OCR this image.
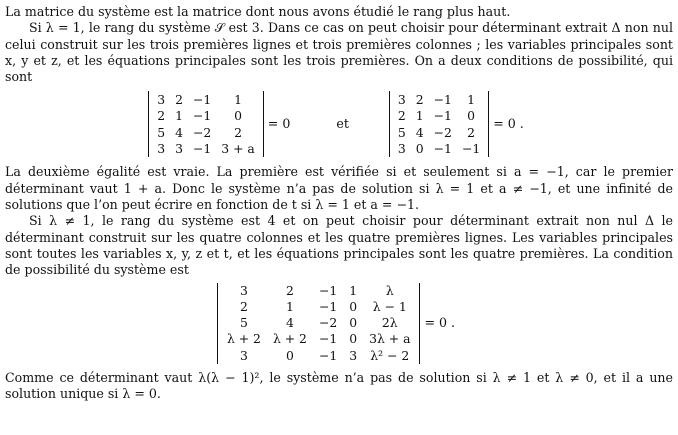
La matrice du système est la matrice dont nous avons étudié le rang plus haut.

Si λ = 1, le rang du système 𝒮 est 3. Dans ce cas on peut choisir pour déterminant extrait Δ non nul celui construit sur les trois premières lignes et trois premières colonnes ; les variables principales sont x, y et z, et les équations principales sont les trois premières. On a deux conditions de possibilité, qui sont

3	2	−1	1
2	1	−1	0
5	4	−2	2
3	3	−1	3 + a
= 0	et
3	2	−1	1
2	1	−1	0
5	4	−2	2
3	0	−1	−1
= 0 .

La deuxième égalité est vraie. La première est vérifiée si et seulement si a = −1, car le premier déterminant vaut 1 + a. Donc le système n’a pas de solution si λ = 1 et a ≠ −1, et une infinité de solutions que l’on peut écrire en fonction de t si λ = 1 et a = −1.

Si λ ≠ 1, le rang du système est 4 et on peut choisir pour déterminant extrait non nul Δ le déterminant construit sur les quatre colonnes et les quatre premières lignes. Les variables principales sont toutes les variables x, y, z et t, et les équations principales sont les quatre premières. La condition de possibilité du système est

3	2	−1	1	λ
2	1	−1	0	λ − 1
5	4	−2	0	2λ
λ + 2	λ + 2	−1	0	3λ + a
3	0	−1	3	λ² − 2
= 0 .

Comme ce déterminant vaut λ(λ − 1)², le système n’a pas de solution si λ ≠ 1 et λ ≠ 0, et il a une solution unique si λ = 0.
